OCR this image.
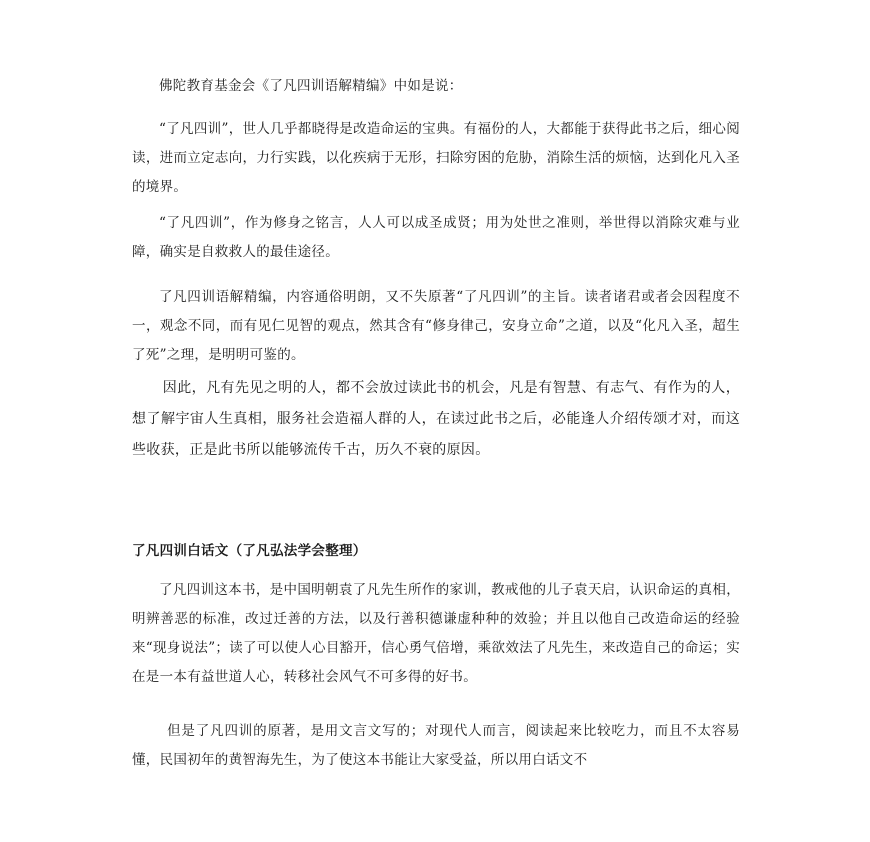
佛陀教育基金会《了凡四训语解精编》中如是说：

“了凡四训”，世人几乎都晓得是改造命运的宝典。有福份的人，大都能于获得此书之后，细心阅读，进而立定志向，力行实践，以化疾病于无形，扫除穷困的危胁，消除生活的烦恼，达到化凡入圣的境界。

“了凡四训”，作为修身之铭言，人人可以成圣成贤；用为处世之准则，举世得以消除灾难与业障，确实是自救救人的最佳途径。

了凡四训语解精编，内容通俗明朗，又不失原著“了凡四训”的主旨。读者诸君或者会因程度不一，观念不同，而有见仁见智的观点，然其含有“修身律己，安身立命”之道，以及“化凡入圣，超生了死”之理，是明明可鉴的。

因此，凡有先见之明的人，都不会放过读此书的机会，凡是有智慧、有志气、有作为的人，想了解宇宙人生真相，服务社会造福人群的人，在读过此书之后，必能逢人介绍传颂才对，而这些收获，正是此书所以能够流传千古，历久不衰的原因。

了凡四训白话文（了凡弘法学会整理）

了凡四训这本书，是中国明朝袁了凡先生所作的家训，教戒他的儿子袁天启，认识命运的真相，明辨善恶的标准，改过迁善的方法，以及行善积德谦虚种种的效验；并且以他自己改造命运的经验来“现身说法”；读了可以使人心目豁开，信心勇气倍增，乘欲效法了凡先生，来改造自己的命运；实在是一本有益世道人心，转移社会风气不可多得的好书。

但是了凡四训的原著，是用文言文写的；对现代人而言，阅读起来比较吃力，而且不太容易懂，民国初年的黄智海先生，为了使这本书能让大家受益，所以用白话文不
